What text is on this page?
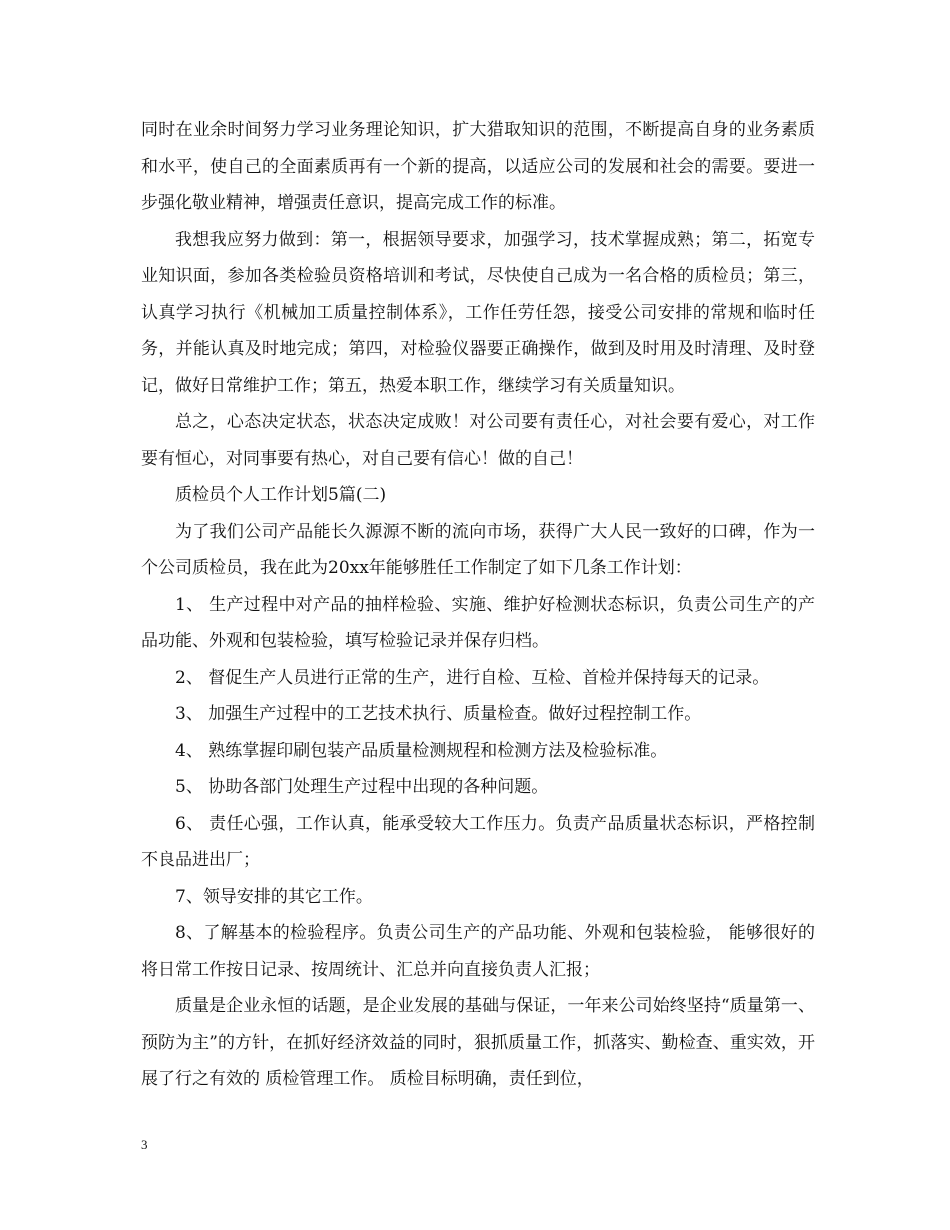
同时在业余时间努力学习业务理论知识，扩大猎取知识的范围，不断提高自身的业务素质和水平，使自己的全面素质再有一个新的提高，以适应公司的发展和社会的需要。要进一步强化敬业精神，增强责任意识，提高完成工作的标准。

我想我应努力做到：第一，根据领导要求，加强学习，技术掌握成熟；第二，拓宽专业知识面，参加各类检验员资格培训和考试，尽快使自己成为一名合格的质检员；第三，认真学习执行《机械加工质量控制体系》，工作任劳任怨，接受公司安排的常规和临时任务，并能认真及时地完成；第四，对检验仪器要正确操作，做到及时用及时清理、及时登记，做好日常维护工作；第五，热爱本职工作，继续学习有关质量知识。

总之，心态决定状态，状态决定成败！对公司要有责任心，对社会要有爱心，对工作要有恒心，对同事要有热心，对自己要有信心！做的自己！

质检员个人工作计划5篇(二)

为了我们公司产品能长久源源不断的流向市场，获得广大人民一致好的口碑，作为一个公司质检员，我在此为20xx年能够胜任工作制定了如下几条工作计划：

1、 生产过程中对产品的抽样检验、实施、维护好检测状态标识，负责公司生产的产品功能、外观和包装检验，填写检验记录并保存归档。

2、 督促生产人员进行正常的生产，进行自检、互检、首检并保持每天的记录。

3、 加强生产过程中的工艺技术执行、质量检查。做好过程控制工作。

4、 熟练掌握印刷包装产品质量检测规程和检测方法及检验标准。

5、 协助各部门处理生产过程中出现的各种问题。

6、 责任心强，工作认真，能承受较大工作压力。负责产品质量状态标识，严格控制不良品进出厂；

7、领导安排的其它工作。

8、了解基本的检验程序。负责公司生产的产品功能、外观和包装检验， 能够很好的将日常工作按日记录、按周统计、汇总并向直接负责人汇报；

质量是企业永恒的话题，是企业发展的基础与保证，一年来公司始终坚持“质量第一、预防为主”的方针，在抓好经济效益的同时，狠抓质量工作，抓落实、勤检查、重实效，开展了行之有效的 质检管理工作。 质检目标明确，责任到位，

3
